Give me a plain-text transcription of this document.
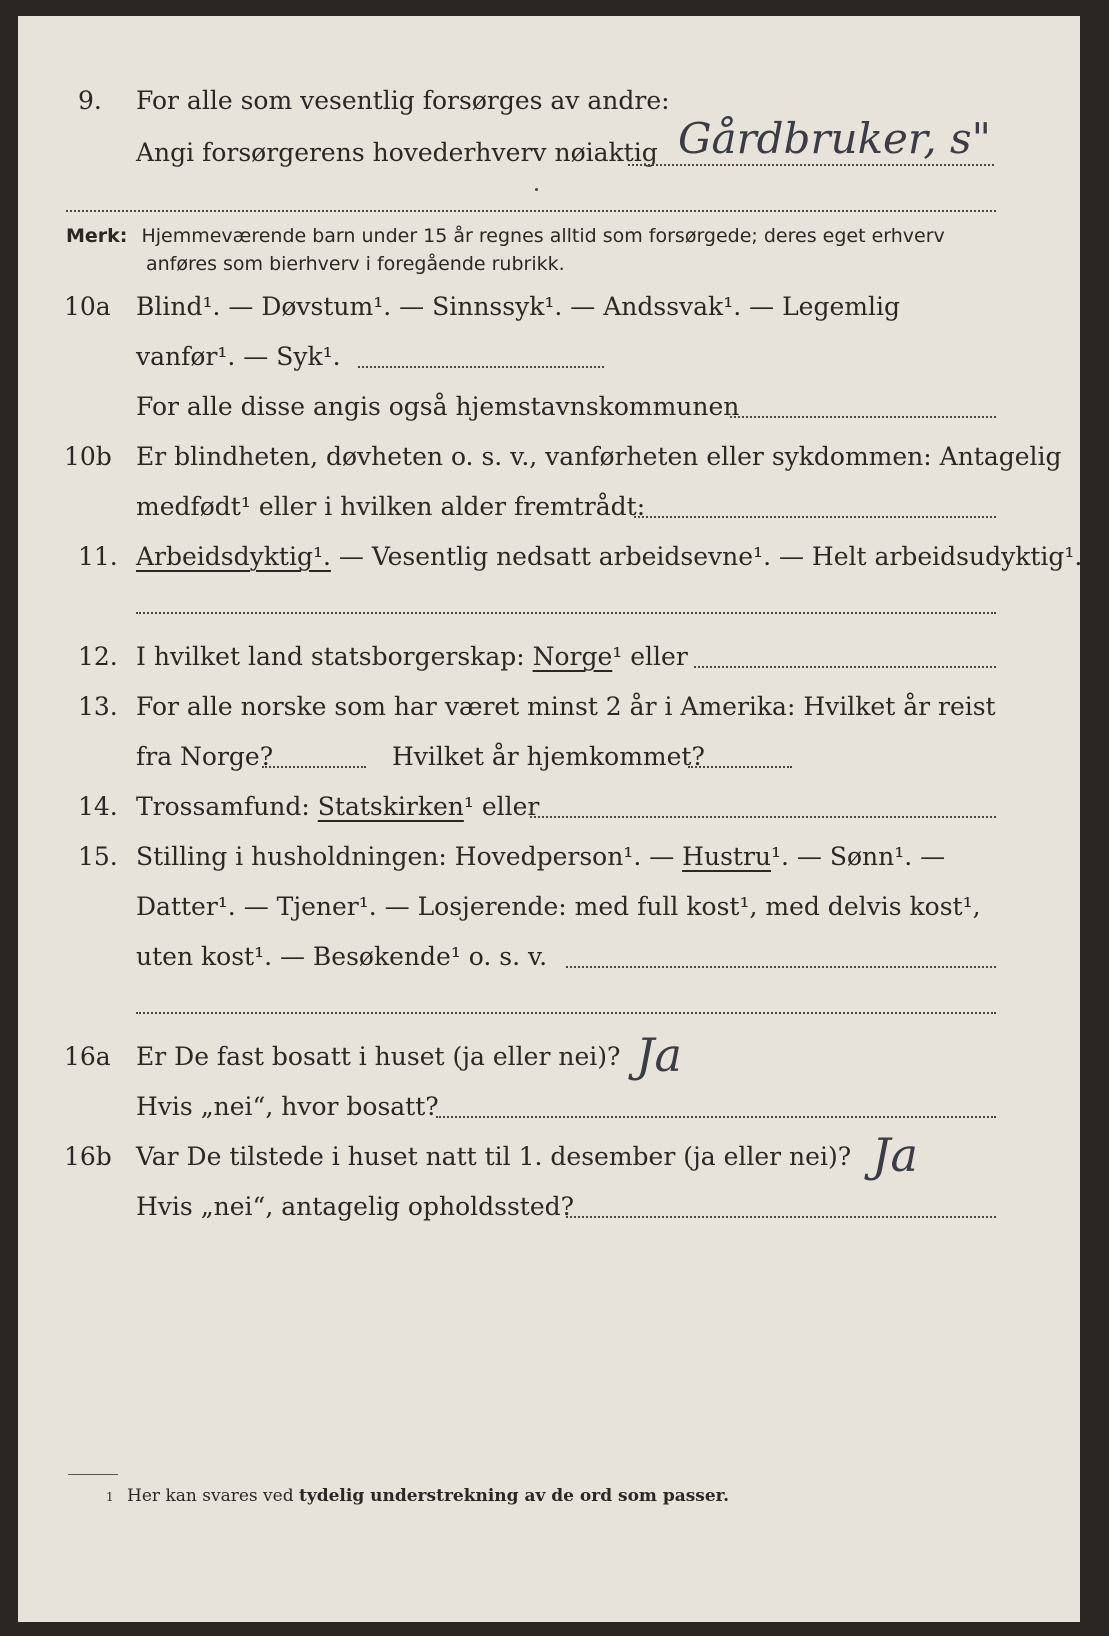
9. For alle som vesentlig forsørges av andre:
Angi forsørgerens hovederhverv nøiaktig Gårdbruker, s"
Merk: Hjemmeværende barn under 15 år regnes alltid som forsørgede; deres eget erhverv
anføres som bierhverv i foregående rubrikk.
10a Blind¹. — Døvstum¹. — Sinnssyk¹. — Andssvak¹. — Legemlig
vanfør¹. — Syk¹.
For alle disse angis også hjemstavnskommunen
10b Er blindheten, døvheten o. s. v., vanførheten eller sykdommen: Antagelig
medfødt¹ eller i hvilken alder fremtrådt:
11. Arbeidsdyktig¹. — Vesentlig nedsatt arbeidsevne¹. — Helt arbeidsudyktig¹.
12. I hvilket land statsborgerskap: Norge¹ eller
13. For alle norske som har været minst 2 år i Amerika: Hvilket år reist
fra Norge?	Hvilket år hjemkommet?
14. Trossamfund: Statskirken¹ eller
15. Stilling i husholdningen: Hovedperson¹. — Hustru¹. — Sønn¹. —
Datter¹. — Tjener¹. — Losjerende: med full kost¹, med delvis kost¹,
uten kost¹. — Besøkende¹ o. s. v.
16a Er De fast bosatt i huset (ja eller nei)? Ja
Hvis „nei“, hvor bosatt?
16b Var De tilstede i huset natt til 1. desember (ja eller nei)? Ja
Hvis „nei“, antagelig opholdssted?
1 Her kan svares ved tydelig understrekning av de ord som passer.
